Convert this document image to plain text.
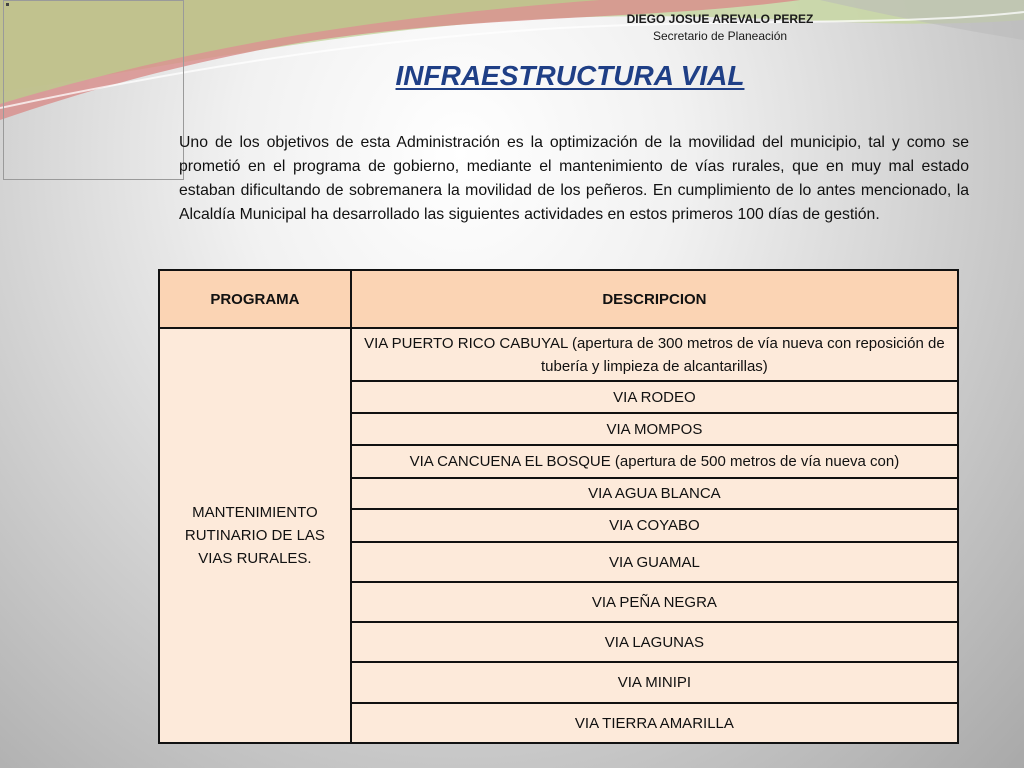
DIEGO JOSUE AREVALO PEREZ
Secretario de Planeación
INFRAESTRUCTURA VIAL

Uno de los objetivos de esta Administración es la optimización de la movilidad del municipio, tal y como se prometió en el programa de gobierno, mediante el mantenimiento de vías rurales, que en muy mal estado estaban dificultando de sobremanera la movilidad de los peñeros. En cumplimiento de lo antes mencionado, la Alcaldía Municipal ha desarrollado las siguientes actividades en estos primeros 100 días de gestión.

PROGRAMA	DESCRIPCION
MANTENIMIENTO RUTINARIO DE LAS VIAS RURALES.	VIA PUERTO RICO CABUYAL (apertura de 300 metros de vía nueva con reposición de tubería y limpieza de alcantarillas)
	VIA RODEO
	VIA MOMPOS
	VIA CANCUENA EL BOSQUE (apertura de 500 metros de vía nueva con)
	VIA AGUA BLANCA
	VIA COYABO
	VIA GUAMAL
	VIA PEÑA NEGRA
	VIA LAGUNAS
	VIA MINIPI
	VIA TIERRA AMARILLA
